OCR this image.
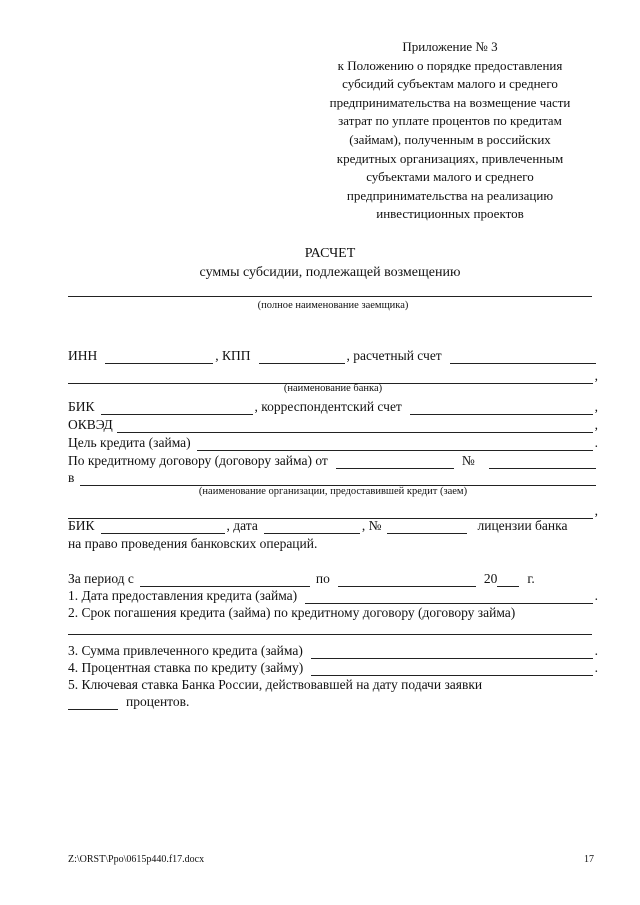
Приложение № 3
к Положению о порядке предоставления
субсидий субъектам малого и среднего
предпринимательства на возмещение части
затрат по уплате процентов по кредитам
(займам), полученным в российских
кредитных организациях, привлеченным
субъектами малого и среднего
предпринимательства на реализацию
инвестиционных проектов
РАСЧЕТ
суммы субсидии, подлежащей возмещению
(полное наименование заемщика)
ИНН	, КПП	, расчетный счет
,
(наименование банка)
БИК	, корреспондентский счет	,
ОКВЭД	,
Цель кредита (займа)	.
По кредитному договору (договору займа) от	№
в
(наименование организации, предоставившей кредит (заем)
,
БИК	, дата	, №	лицензии банка
на право проведения банковских операций.
За период с	по	20 г.
1. Дата предоставления кредита (займа)	.
2. Срок погашения кредита (займа) по кредитному договору (договору займа)
3. Сумма привлеченного кредита (займа)	.
4. Процентная ставка по кредиту (займу)	.
5. Ключевая ставка Банка России, действовавшей на дату подачи заявки
процентов.
Z:\ORST\Ppo\0615p440.f17.docx	17
